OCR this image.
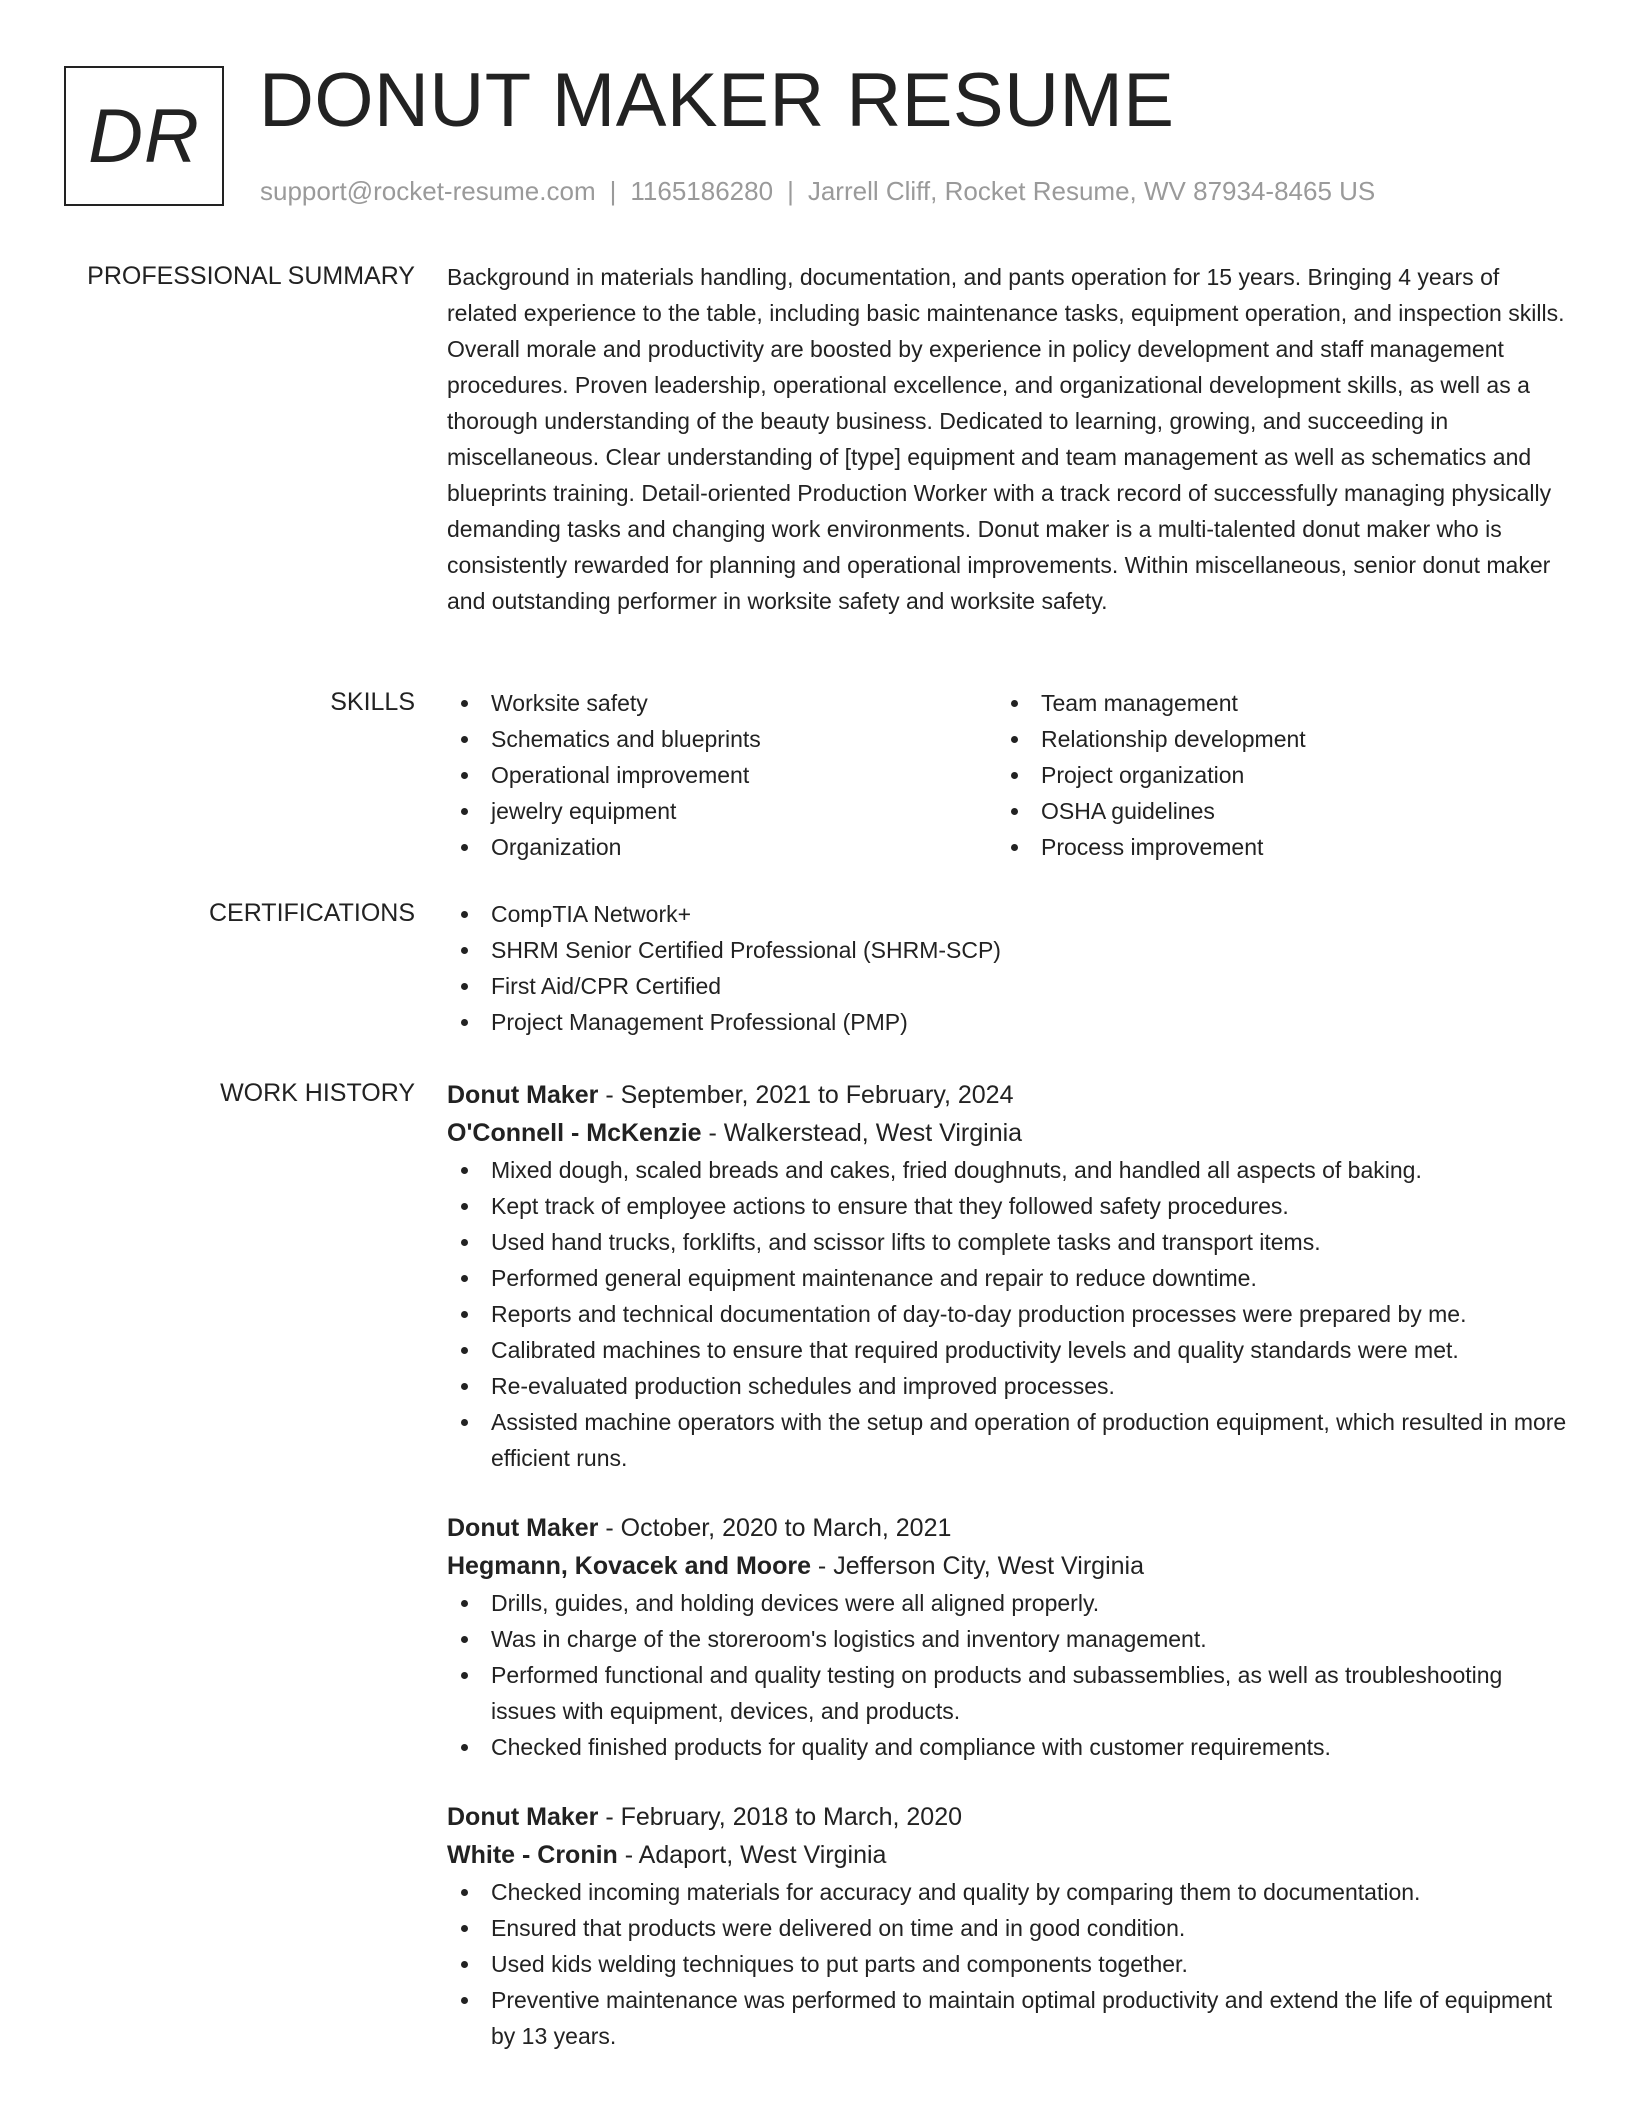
DR DONUT MAKER RESUME
support@rocket-resume.com | 1165186280 | Jarrell Cliff, Rocket Resume, WV 87934-8465 US
PROFESSIONAL SUMMARY Background in materials handling, documentation, and pants operation for 15 years. Bringing 4 years of related experience to the table, including basic maintenance tasks, equipment operation, and inspection skills. Overall morale and productivity are boosted by experience in policy development and staff management procedures. Proven leadership, operational excellence, and organizational development skills, as well as a thorough understanding of the beauty business. Dedicated to learning, growing, and succeeding in miscellaneous. Clear understanding of [type] equipment and team management as well as schematics and blueprints training. Detail-oriented Production Worker with a track record of successfully managing physically demanding tasks and changing work environments. Donut maker is a multi-talented donut maker who is consistently rewarded for planning and operational improvements. Within miscellaneous, senior donut maker and outstanding performer in worksite safety and worksite safety.

SKILLS	Worksite safety
Schematics and blueprints
Operational improvement
jewelry equipment
Organization
Team management
Relationship development
Project organization
OSHA guidelines
Process improvement
CERTIFICATIONS	CompTIA Network+
SHRM Senior Certified Professional (SHRM-SCP)
First Aid/CPR Certified
Project Management Professional (PMP)
WORK HISTORY Donut Maker - September, 2021 to February, 2024
O'Connell - McKenzie - Walkerstead, West Virginia
Mixed dough, scaled breads and cakes, fried doughnuts, and handled all aspects of baking.
Kept track of employee actions to ensure that they followed safety procedures.
Used hand trucks, forklifts, and scissor lifts to complete tasks and transport items.
Performed general equipment maintenance and repair to reduce downtime.
Reports and technical documentation of day-to-day production processes were prepared by me.
Calibrated machines to ensure that required productivity levels and quality standards were met.
Re-evaluated production schedules and improved processes.
Assisted machine operators with the setup and operation of production equipment, which resulted in more efficient runs.
Donut Maker - October, 2020 to March, 2021
Hegmann, Kovacek and Moore - Jefferson City, West Virginia
Drills, guides, and holding devices were all aligned properly.
Was in charge of the storeroom's logistics and inventory management.
Performed functional and quality testing on products and subassemblies, as well as troubleshooting issues with equipment, devices, and products.
Checked finished products for quality and compliance with customer requirements.
Donut Maker - February, 2018 to March, 2020
White - Cronin - Adaport, West Virginia
Checked incoming materials for accuracy and quality by comparing them to documentation.
Ensured that products were delivered on time and in good condition.
Used kids welding techniques to put parts and components together.
Preventive maintenance was performed to maintain optimal productivity and extend the life of equipment by 13 years.
